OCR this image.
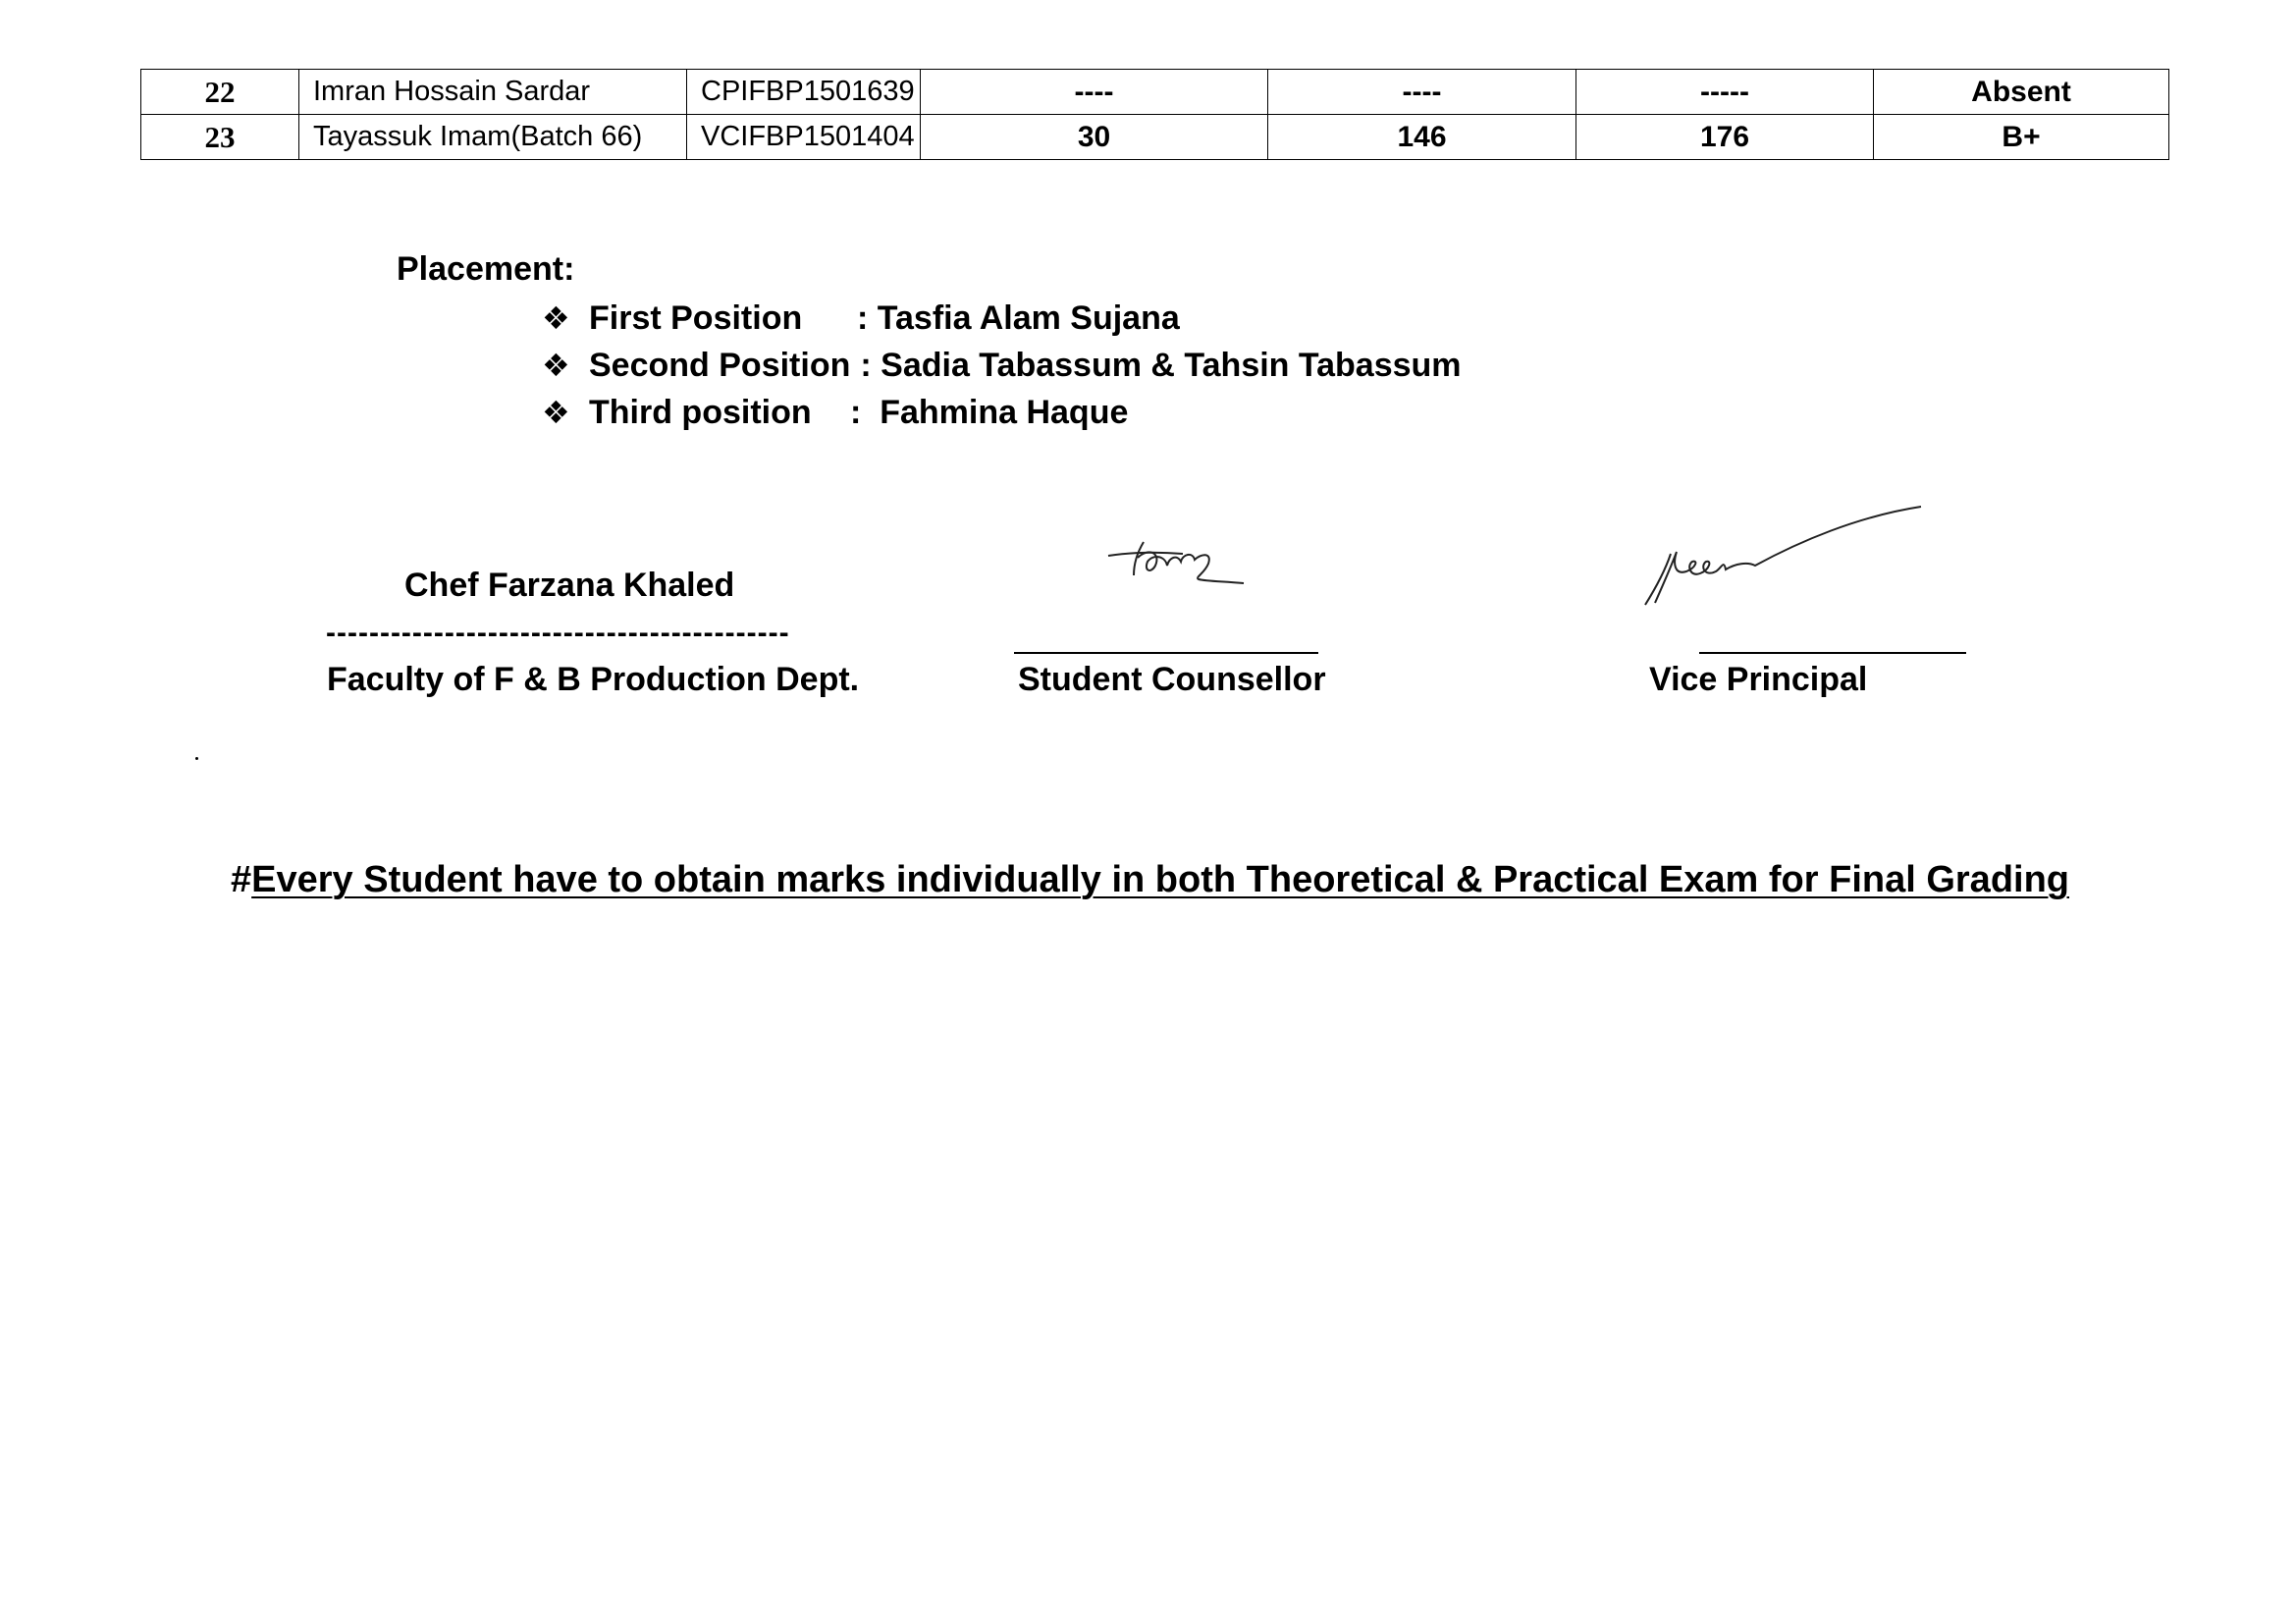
22	Imran Hossain Sardar	CPIFBP1501639	----	----	-----	Absent
23	Tayassuk Imam(Batch 66)	VCIFBP1501404	30	146	176	B+
Placement:
❖ First Position	: Tasfia Alam Sujana
❖ Second Position : Sadia Tabassum & Tahsin Tabassum
❖ Third position	: Fahmina Haque
Chef Farzana Khaled
-------------------------------------------
Faculty of F & B Production Dept.	Student Counsellor	Vice Principal
#Every Student have to obtain marks individually in both Theoretical & Practical Exam for Final Grading
